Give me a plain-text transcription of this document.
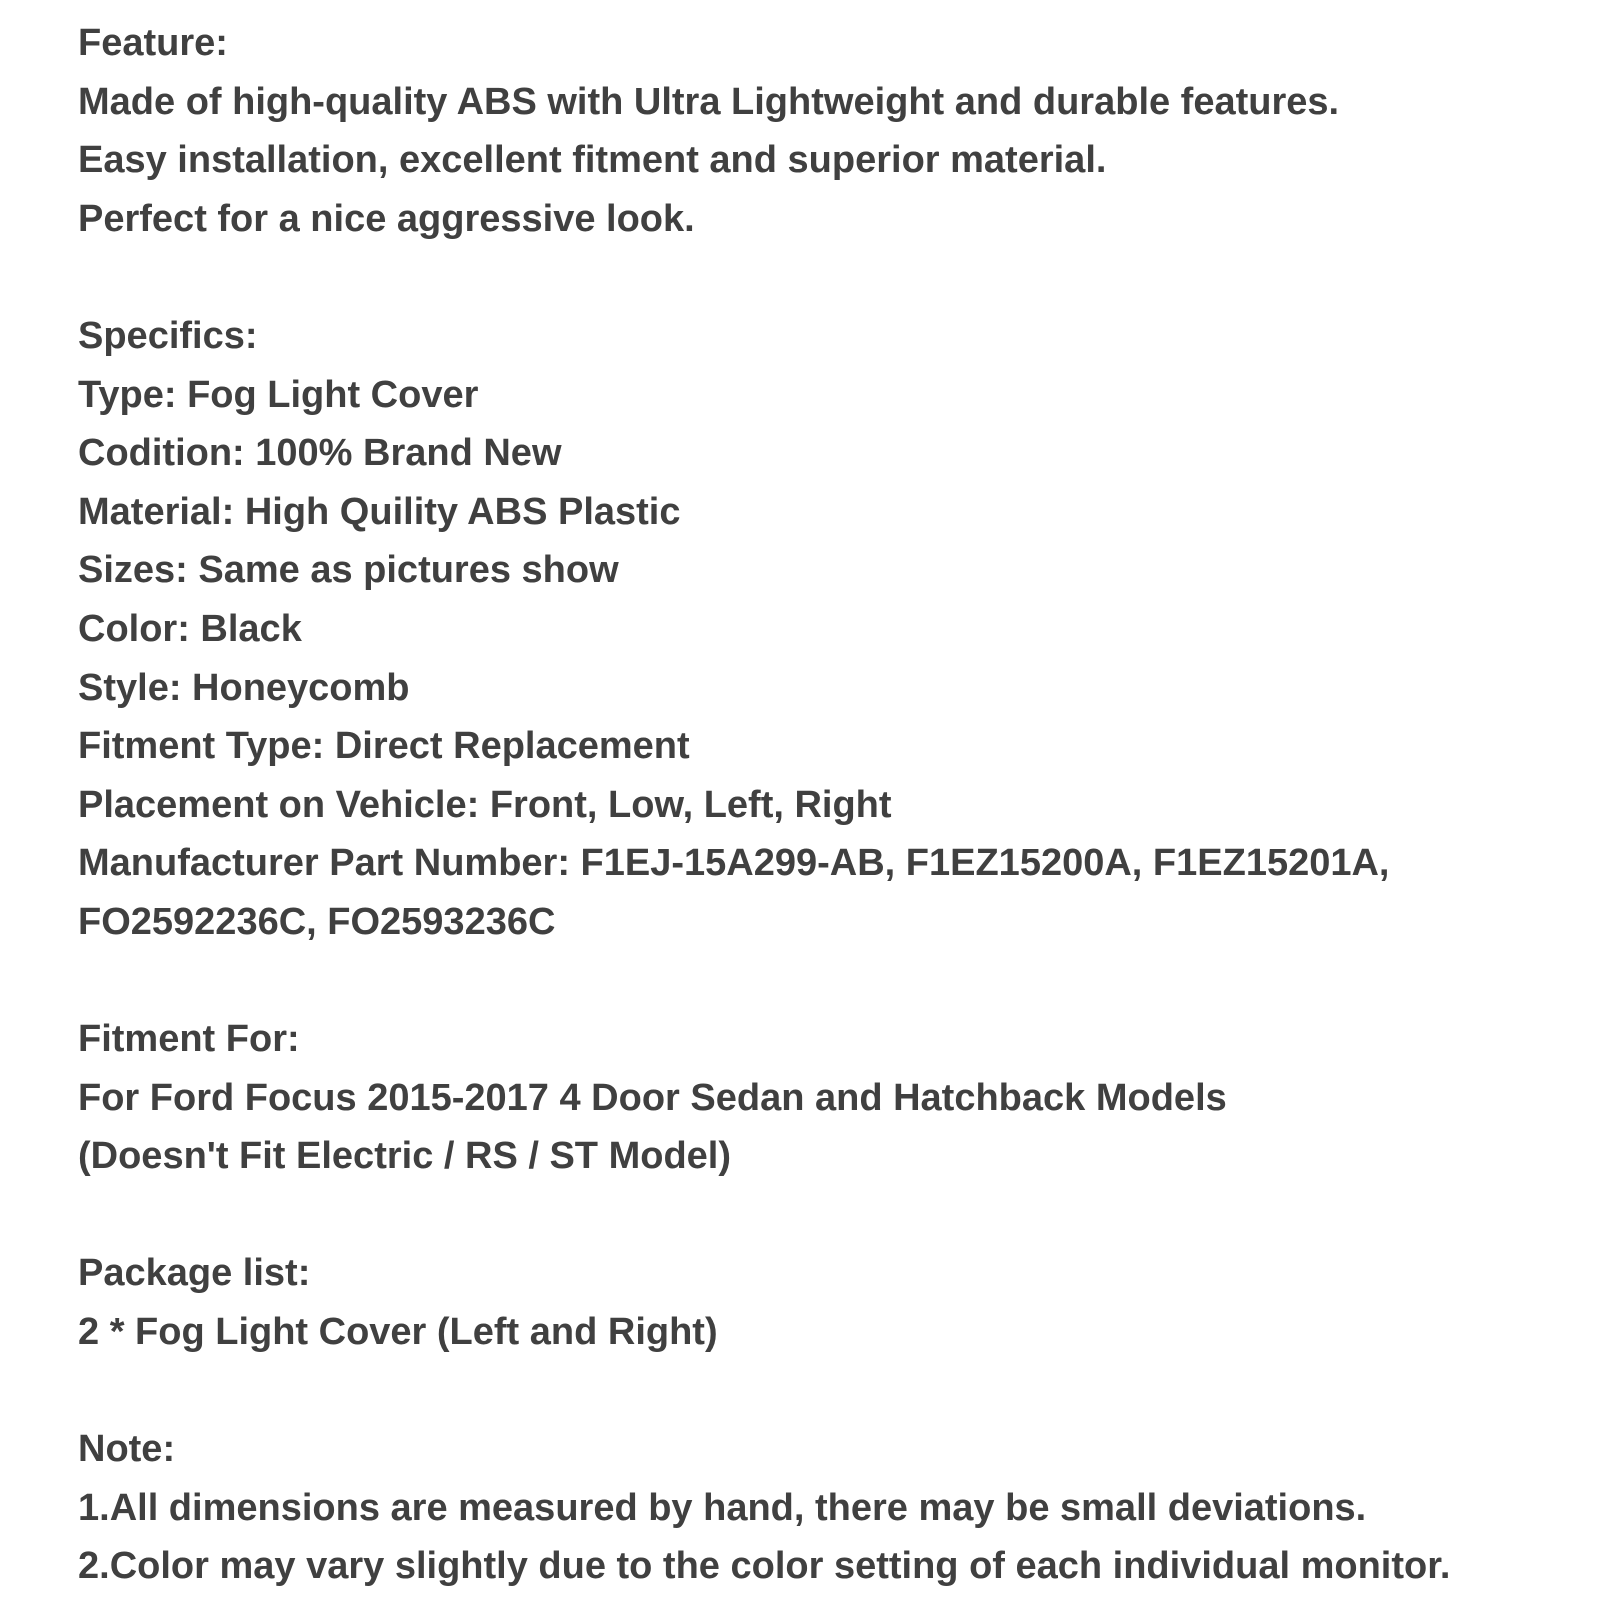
Feature:
Made of high-quality ABS with Ultra Lightweight and durable features.
Easy installation, excellent fitment and superior material.
Perfect for a nice aggressive look.
Specifics:
Type: Fog Light Cover
Codition: 100% Brand New
Material: High Quility ABS Plastic
Sizes: Same as pictures show
Color: Black
Style: Honeycomb
Fitment Type: Direct Replacement
Placement on Vehicle: Front, Low, Left, Right
Manufacturer Part Number: F1EJ-15A299-AB, F1EZ15200A, F1EZ15201A,
FO2592236C, FO2593236C
Fitment For:
For Ford Focus 2015-2017 4 Door Sedan and Hatchback Models
(Doesn't Fit Electric / RS / ST Model)
Package list:
2 * Fog Light Cover (Left and Right)
Note:
1.All dimensions are measured by hand, there may be small deviations.
2.Color may vary slightly due to the color setting of each individual monitor.
